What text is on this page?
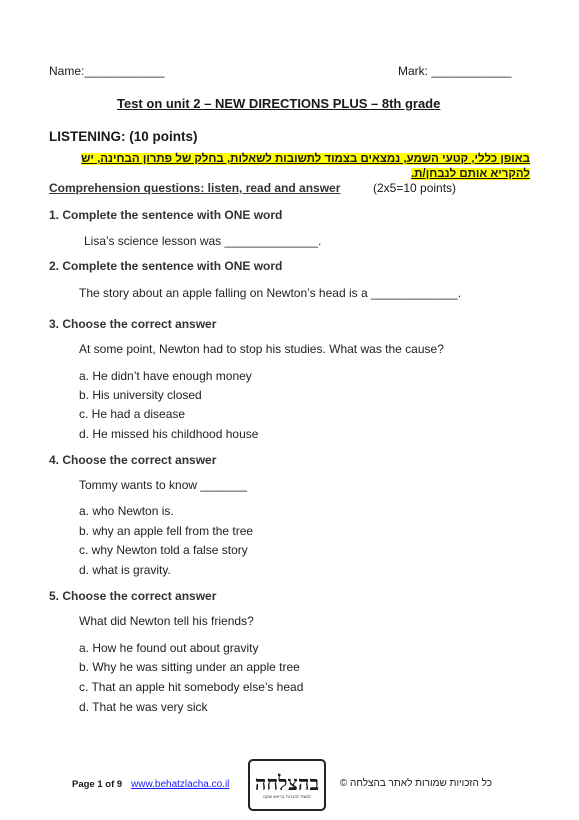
Name:____________	Mark: ____________
Test on unit 2 – NEW DIRECTIONS PLUS – 8th grade
LISTENING: (10 points)
באופן כללי, קטעי השמע, נמצאים בצמוד לתשובות לשאלות, בחלק של פתרון הבחינה, יש להקריא אותם לנבחן/ת.
Comprehension questions: listen, read and answer	(2x5=10 points)
1. Complete the sentence with ONE word
Lisa’s science lesson was ______________.
2. Complete the sentence with ONE word
The story about an apple falling on Newton’s head is a _____________.
3. Choose the correct answer
At some point, Newton had to stop his studies. What was the cause?
a. He didn’t have enough money
b. His university closed
c. He had a disease
d. He missed his childhood house
4. Choose the correct answer
Tommy wants to know _______
a. who Newton is.
b. why an apple fell from the tree
c. why Newton told a false story
d. what is gravity.
5. Choose the correct answer
What did Newton tell his friends?
a. How he found out about gravity
b. Why he was sitting under an apple tree
c. That an apple hit somebody else’s head
d. That he was very sick
Page 1 of 9 www.behatzlacha.co.il בהצלחה
לגשת לבגרות בראש שקט
כל הזכויות שמורות לאתר בהצלחה ©
